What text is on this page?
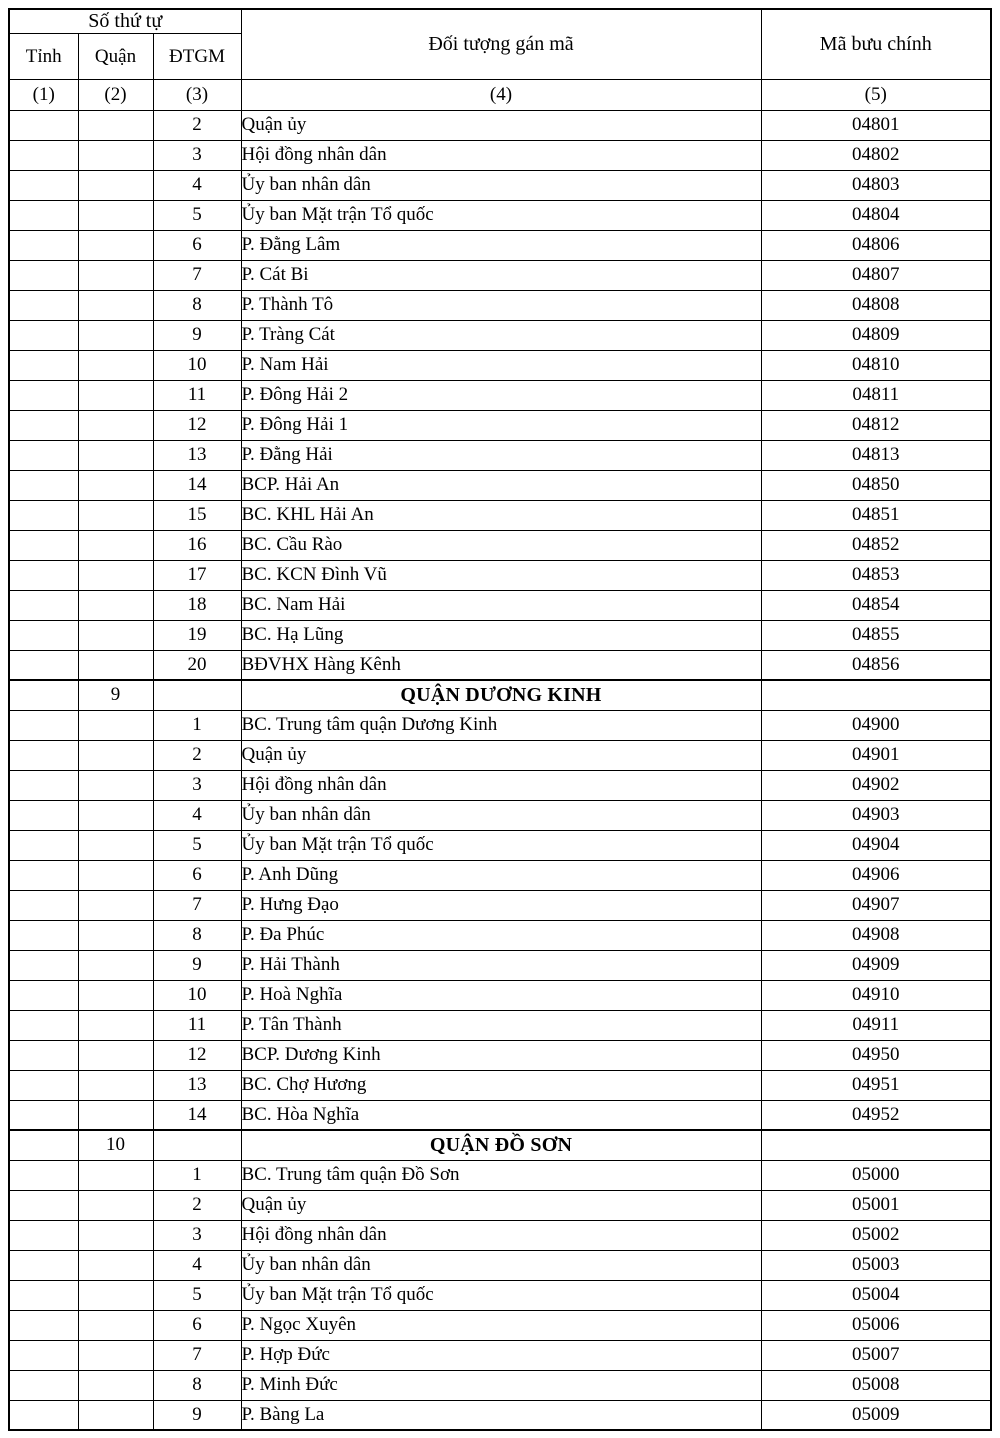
Số thứ tự			Đối tượng gán mã	Mã bưu chính
Tỉnh	Quận	ĐTGM		
(1)	(2)	(3)	(4)	(5)
		2	Quận ủy	04801
		3	Hội đồng nhân dân	04802
		4	Ủy ban nhân dân	04803
		5	Ủy ban Mặt trận Tổ quốc	04804
		6	P. Đằng Lâm	04806
		7	P. Cát Bi	04807
		8	P. Thành Tô	04808
		9	P. Tràng Cát	04809
		10	P. Nam Hải	04810
		11	P. Đông Hải 2	04811
		12	P. Đông Hải 1	04812
		13	P. Đằng Hải	04813
		14	BCP. Hải An	04850
		15	BC. KHL Hải An	04851
		16	BC. Cầu Rào	04852
		17	BC. KCN Đình Vũ	04853
		18	BC. Nam Hải	04854
		19	BC. Hạ Lũng	04855
		20	BĐVHX Hàng Kênh	04856
	9		QUẬN DƯƠNG KINH	
		1	BC. Trung tâm quận Dương Kinh	04900
		2	Quận ủy	04901
		3	Hội đồng nhân dân	04902
		4	Ủy ban nhân dân	04903
		5	Ủy ban Mặt trận Tổ quốc	04904
		6	P. Anh Dũng	04906
		7	P. Hưng Đạo	04907
		8	P. Đa Phúc	04908
		9	P. Hải Thành	04909
		10	P. Hoà Nghĩa	04910
		11	P. Tân Thành	04911
		12	BCP. Dương Kinh	04950
		13	BC. Chợ Hương	04951
		14	BC. Hòa Nghĩa	04952
	10		QUẬN ĐỒ SƠN	
		1	BC. Trung tâm quận Đồ Sơn	05000
		2	Quận ủy	05001
		3	Hội đồng nhân dân	05002
		4	Ủy ban nhân dân	05003
		5	Ủy ban Mặt trận Tổ quốc	05004
		6	P. Ngọc Xuyên	05006
		7	P. Hợp Đức	05007
		8	P. Minh Đức	05008
		9	P. Bàng La	05009
